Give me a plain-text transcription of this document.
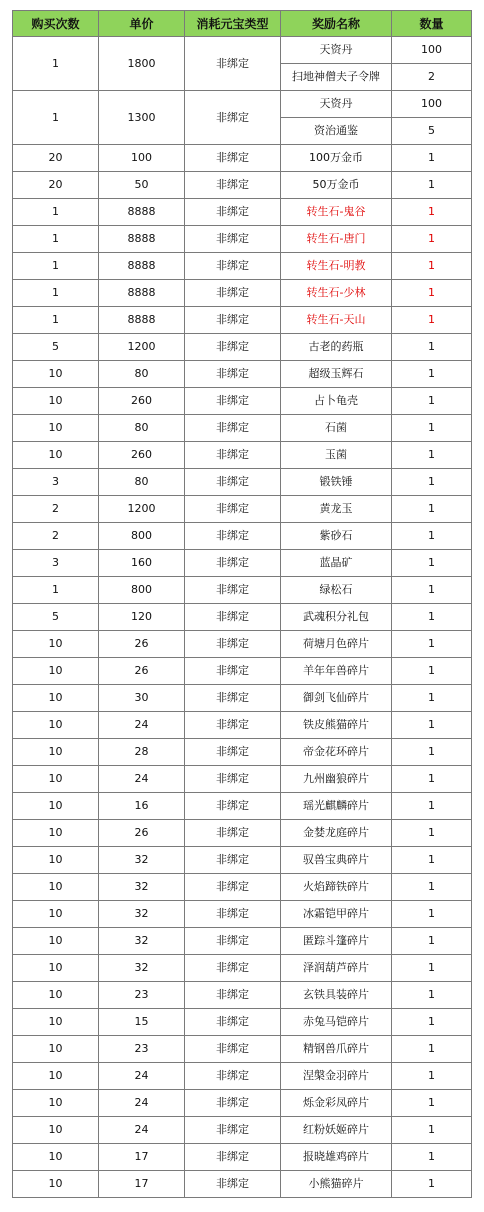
购买次数	单价	消耗元宝类型	奖励名称	数量
1	1800	非绑定	天资丹	100
			扫地神僧夫子令牌	2
1	1300	非绑定	天资丹	100
			资治通鉴	5
20	100	非绑定	100万金币	1
20	50	非绑定	50万金币	1
1	8888	非绑定	转生石-鬼谷	1
1	8888	非绑定	转生石-唐门	1
1	8888	非绑定	转生石-明教	1
1	8888	非绑定	转生石-少林	1
1	8888	非绑定	转生石-天山	1
5	1200	非绑定	古老的药瓶	1
10	80	非绑定	超级玉辉石	1
10	260	非绑定	占卜龟壳	1
10	80	非绑定	石菌	1
10	260	非绑定	玉菌	1
3	80	非绑定	锻铁锤	1
2	1200	非绑定	黄龙玉	1
2	800	非绑定	紫砂石	1
3	160	非绑定	蓝晶矿	1
1	800	非绑定	绿松石	1
5	120	非绑定	武魂积分礼包	1
10	26	非绑定	荷塘月色碎片	1
10	26	非绑定	羊年年兽碎片	1
10	30	非绑定	御剑飞仙碎片	1
10	24	非绑定	铁皮熊猫碎片	1
10	28	非绑定	帝金花环碎片	1
10	24	非绑定	九州幽狼碎片	1
10	16	非绑定	瑶光麒麟碎片	1
10	26	非绑定	金婪龙庭碎片	1
10	32	非绑定	驭兽宝典碎片	1
10	32	非绑定	火焰蹄铁碎片	1
10	32	非绑定	冰霜铠甲碎片	1
10	32	非绑定	匿踪斗篷碎片	1
10	32	非绑定	泽润葫芦碎片	1
10	23	非绑定	玄铁具装碎片	1
10	15	非绑定	赤兔马铠碎片	1
10	23	非绑定	精钢兽爪碎片	1
10	24	非绑定	涅槃金羽碎片	1
10	24	非绑定	烁金彩凤碎片	1
10	24	非绑定	红粉妖姬碎片	1
10	17	非绑定	报晓雄鸡碎片	1
10	17	非绑定	小熊猫碎片	1
